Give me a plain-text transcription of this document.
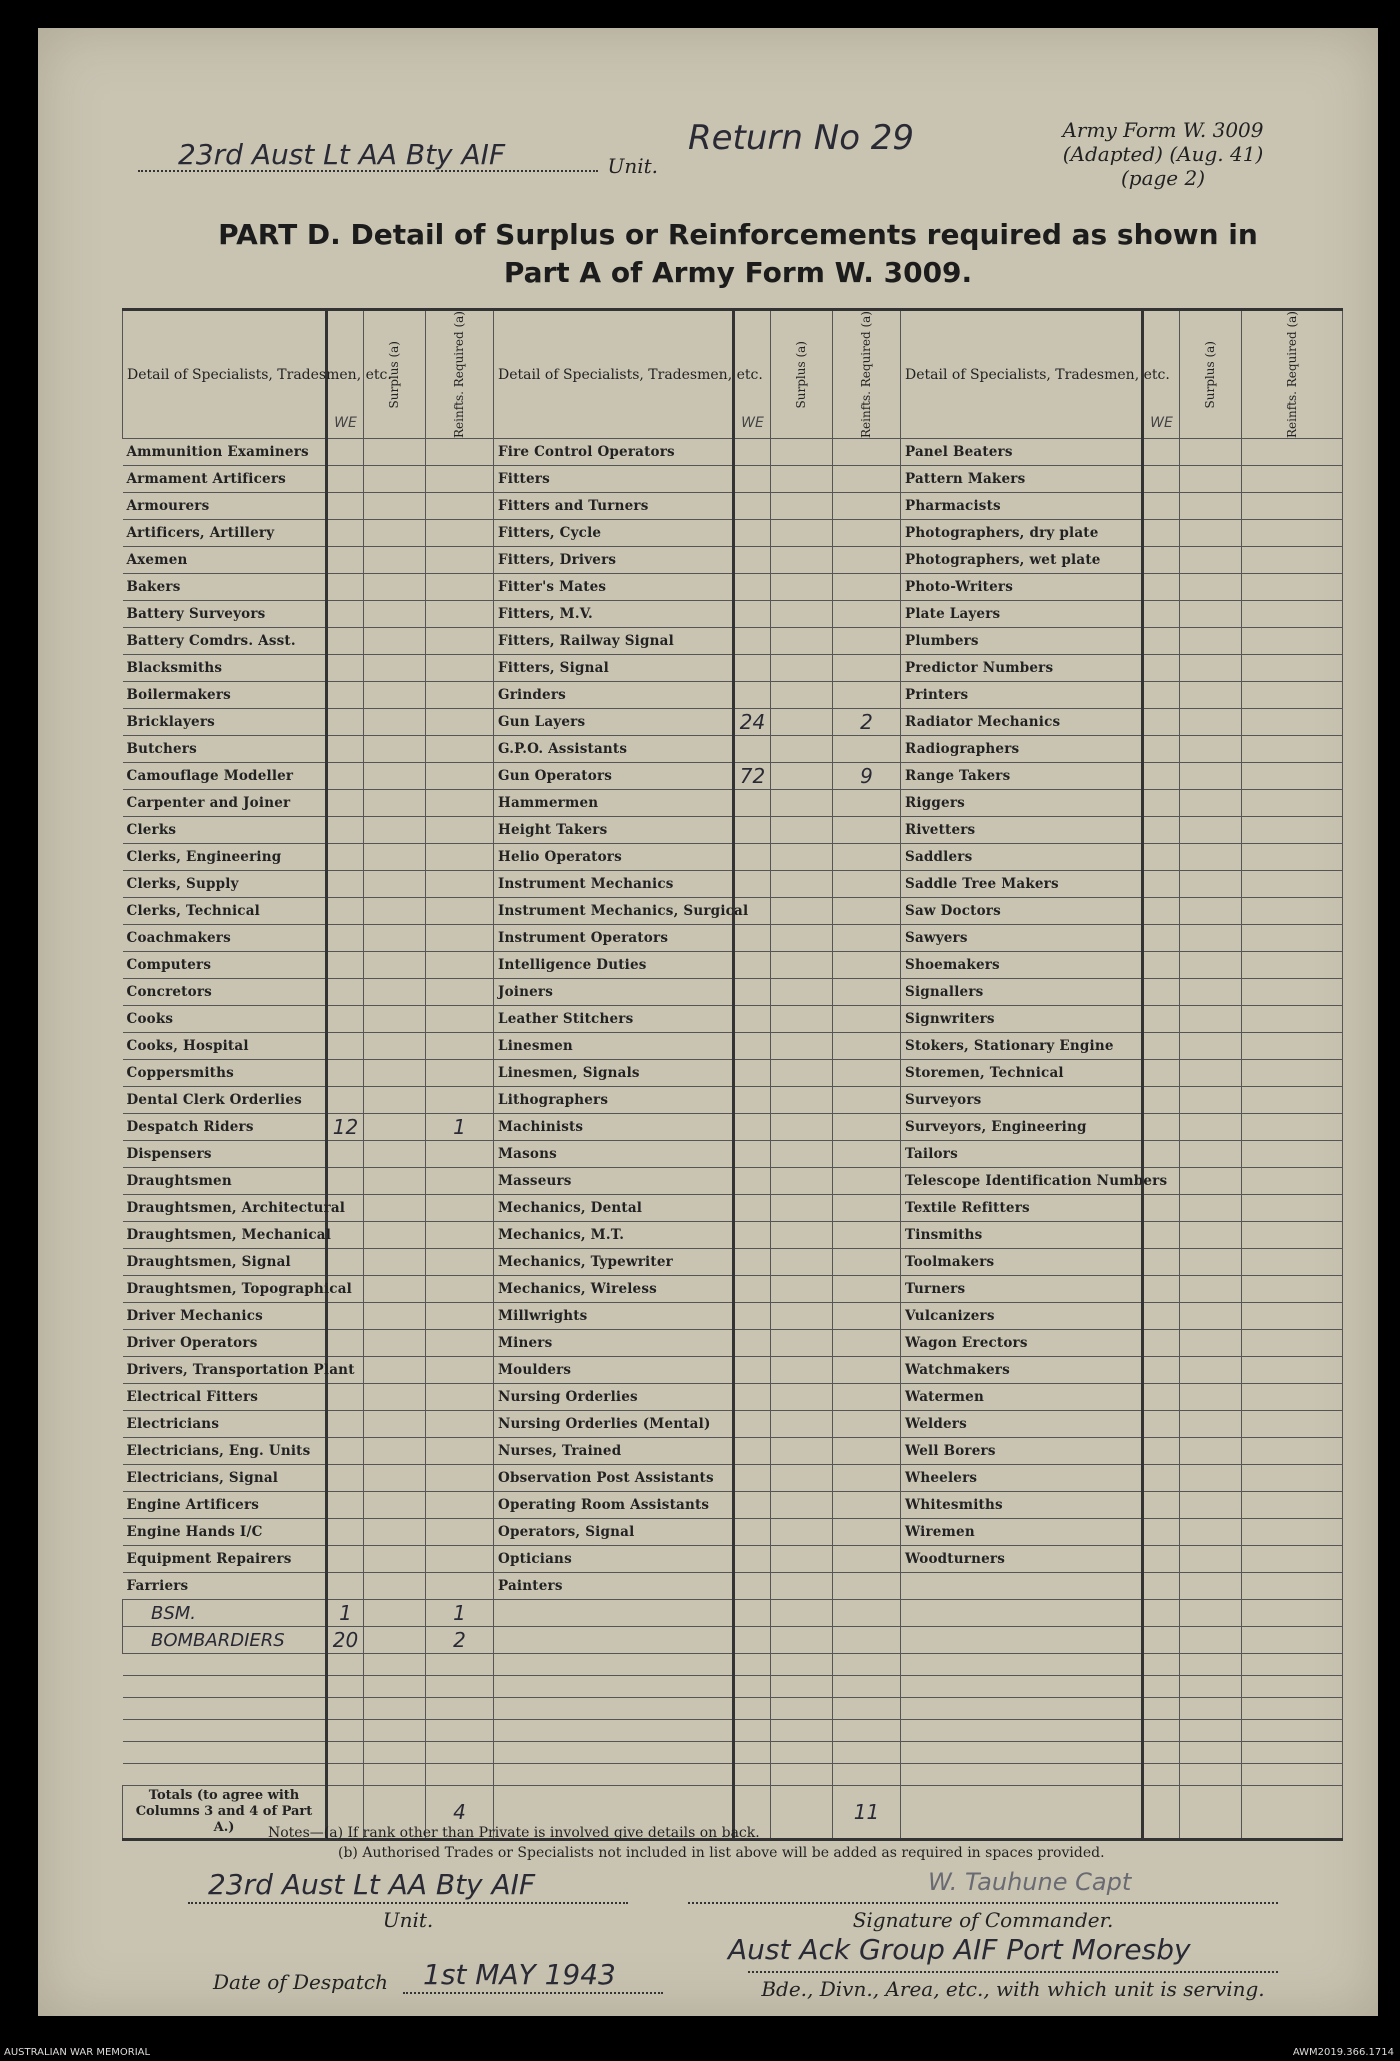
23rd Aust Lt AA Bty AIF	Unit.
Return No 29	Army Form W. 3009
(Adapted) (Aug. 41)
(page 2)
PART D. Detail of Surplus or Reinforcements required as shown in
Part A of Army Form W. 3009.
Detail of Specialists, Tradesmen, etc.	WE	Surplus (a)	Reinfts. Required (a)	Detail of Specialists, Tradesmen, etc.	WE	Surplus (a)	Reinfts. Required (a)	Detail of Specialists, Tradesmen, etc.	WE	Surplus (a)	Reinfts. Required (a)

Ammunition Examiners				Fire Control Operators				Panel Beaters			
Armament Artificers				Fitters				Pattern Makers			
Armourers				Fitters and Turners				Pharmacists			
Artificers, Artillery				Fitters, Cycle				Photographers, dry plate			
Axemen				Fitters, Drivers				Photographers, wet plate			
Bakers				Fitter's Mates				Photo-Writers			
Battery Surveyors				Fitters, M.V.				Plate Layers			
Battery Comdrs. Asst.				Fitters, Railway Signal				Plumbers			
Blacksmiths				Fitters, Signal				Predictor Numbers			
Boilermakers				Grinders				Printers			
Bricklayers				Gun Layers	24		2	Radiator Mechanics			
Butchers				G.P.O. Assistants				Radiographers			
Camouflage Modeller				Gun Operators	72		9	Range Takers			
Carpenter and Joiner				Hammermen				Riggers			
Clerks				Height Takers				Rivetters			
Clerks, Engineering				Helio Operators				Saddlers			
Clerks, Supply				Instrument Mechanics				Saddle Tree Makers			
Clerks, Technical				Instrument Mechanics, Surgical				Saw Doctors			
Coachmakers				Instrument Operators				Sawyers			
Computers				Intelligence Duties				Shoemakers			
Concretors				Joiners				Signallers			
Cooks				Leather Stitchers				Signwriters			
Cooks, Hospital				Linesmen				Stokers, Stationary Engine			
Coppersmiths				Linesmen, Signals				Storemen, Technical			
Dental Clerk Orderlies				Lithographers				Surveyors			
Despatch Riders	12		1	Machinists				Surveyors, Engineering			
Dispensers				Masons				Tailors			
Draughtsmen				Masseurs				Telescope Identification Numbers			
Draughtsmen, Architectural				Mechanics, Dental				Textile Refitters			
Draughtsmen, Mechanical				Mechanics, M.T.				Tinsmiths			
Draughtsmen, Signal				Mechanics, Typewriter				Toolmakers			
Draughtsmen, Topographical				Mechanics, Wireless				Turners			
Driver Mechanics				Millwrights				Vulcanizers			
Driver Operators				Miners				Wagon Erectors			
Drivers, Transportation Plant				Moulders				Watchmakers			
Electrical Fitters				Nursing Orderlies				Watermen			
Electricians				Nursing Orderlies (Mental)				Welders			
Electricians, Eng. Units				Nurses, Trained				Well Borers			
Electricians, Signal				Observation Post Assistants				Wheelers			
Engine Artificers				Operating Room Assistants				Whitesmiths			
Engine Hands I/C				Operators, Signal				Wiremen			
Equipment Repairers				Opticians				Woodturners			
Farriers				Painters							
BSM.	1		1								
BOMBARDIERS	20		2								

Totals (to agree with Columns 3 and 4 of Part A.)			4				11				
Notes—(a) If rank other than Private is involved give details on back.
(b) Authorised Trades or Specialists not included in list above will be added as required in spaces provided.
23rd Aust Lt AA Bty AIF
Unit.
W. Tauhune Capt
Signature of Commander.
Date of Despatch 1st MAY 1943
Aust Ack Group AIF Port Moresby
Bde., Divn., Area, etc., with which unit is serving.
AUSTRALIAN WAR MEMORIAL	AWM2019.366.1714
